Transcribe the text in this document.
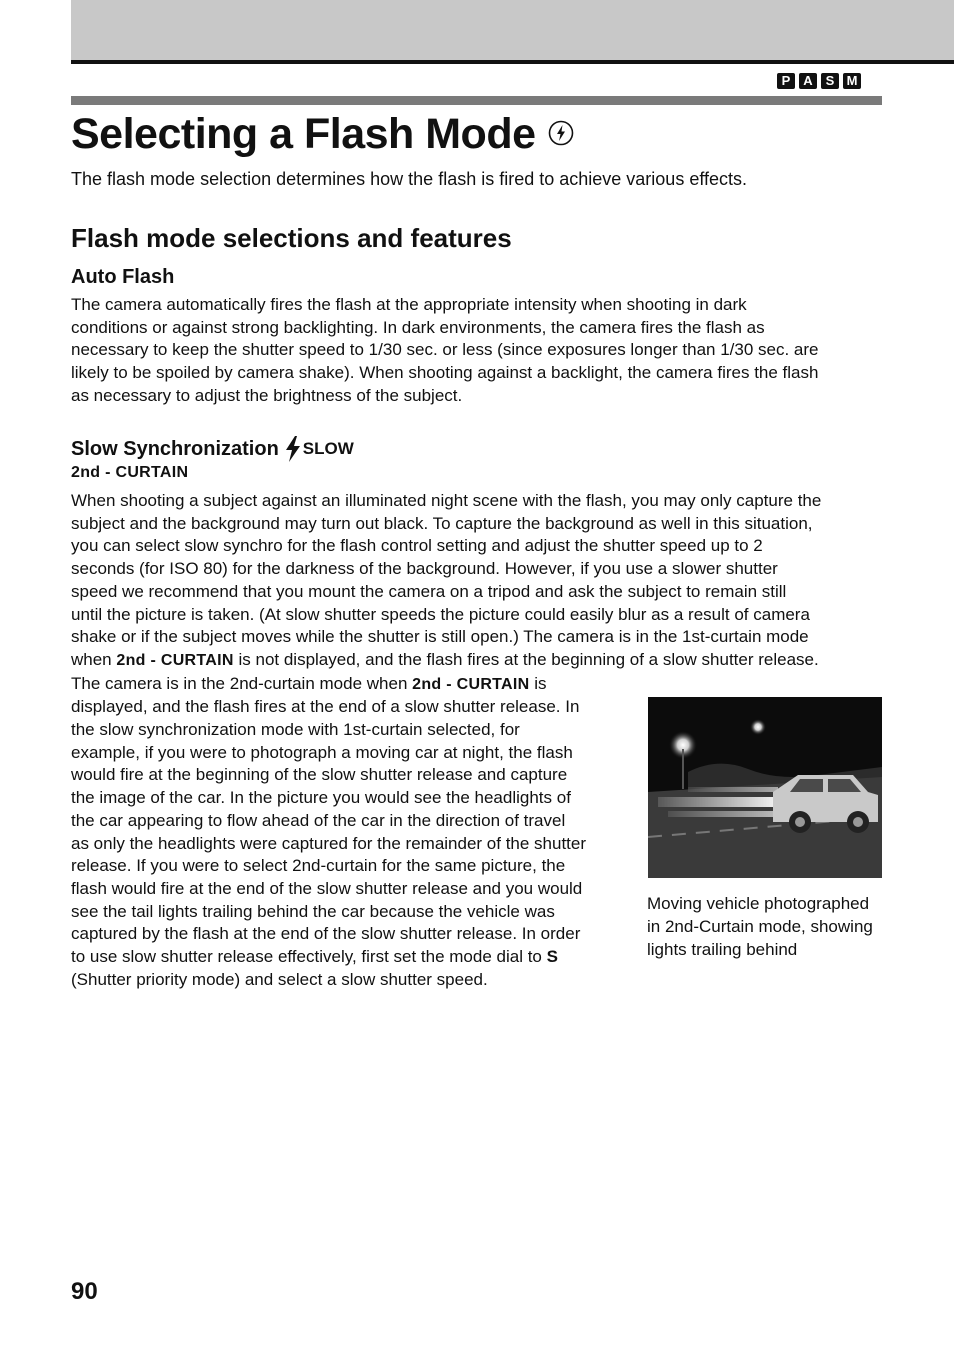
P A S M
Selecting a Flash Mode

The flash mode selection determines how the flash is fired to achieve various effects.

Flash mode selections and features
Auto Flash
The camera automatically fires the flash at the appropriate intensity when shooting in dark
conditions or against strong backlighting. In dark environments, the camera fires the flash as
necessary to keep the shutter speed to 1/30 sec. or less (since exposures longer than 1/30 sec. are
likely to be spoiled by camera shake). When shooting against a backlight, the camera fires the flash
as necessary to adjust the brightness of the subject.
Slow Synchronization SLOW
2nd - CURTAIN
When shooting a subject against an illuminated night scene with the flash, you may only capture the
subject and the background may turn out black. To capture the background as well in this situation,
you can select slow synchro for the flash control setting and adjust the shutter speed up to 2
seconds (for ISO 80) for the darkness of the background. However, if you use a slower shutter
speed we recommend that you mount the camera on a tripod and ask the subject to remain still
until the picture is taken. (At slow shutter speeds the picture could easily blur as a result of camera
shake or if the subject moves while the shutter is still open.) The camera is in the 1st-curtain mode
when 2nd - CURTAIN is not displayed, and the flash fires at the beginning of a slow shutter release.
The camera is in the 2nd-curtain mode when 2nd - CURTAIN is
displayed, and the flash fires at the end of a slow shutter release. In
the slow synchronization mode with 1st-curtain selected, for
example, if you were to photograph a moving car at night, the flash
would fire at the beginning of the slow shutter release and capture
the image of the car. In the picture you would see the headlights of
the car appearing to flow ahead of the car in the direction of travel
as only the headlights were captured for the remainder of the shutter
release. If you were to select 2nd-curtain for the same picture, the
flash would fire at the end of the slow shutter release and you would
see the tail lights trailing behind the car because the vehicle was
captured by the flash at the end of the slow shutter release. In order
to use slow shutter release effectively, first set the mode dial to S
(Shutter priority mode) and select a slow shutter speed.

Moving vehicle photographed in 2nd-Curtain mode, showing lights trailing behind

90
